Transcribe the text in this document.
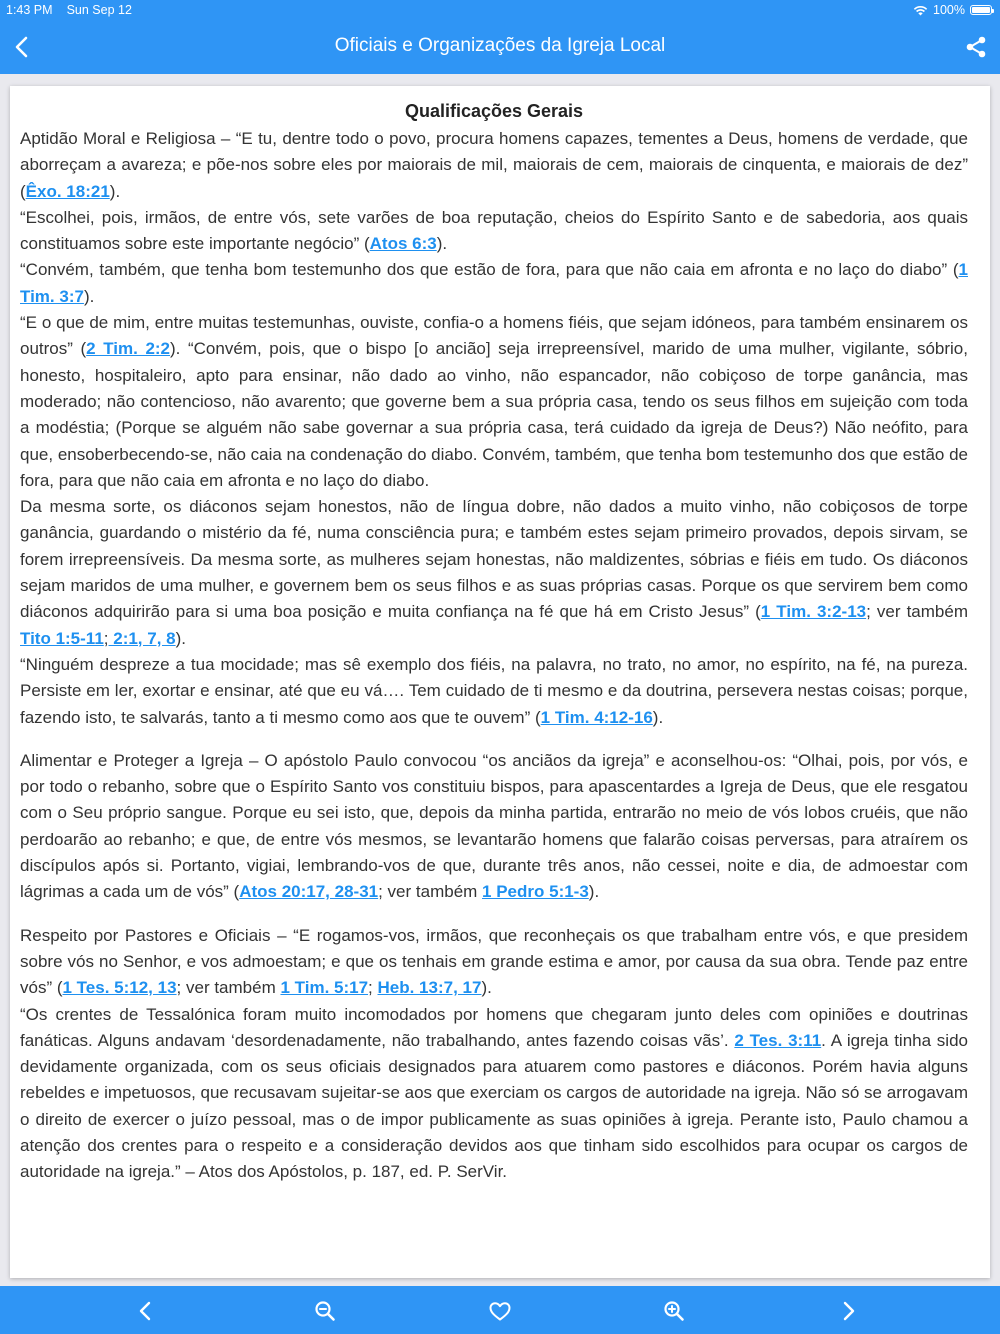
1:43 PM Sun Sep 12	100%
Oficiais e Organizações da Igreja Local
Qualificações Gerais

Aptidão Moral e Religiosa – “E tu, dentre todo o povo, procura homens capazes, tementes a Deus, homens de verdade, que aborreçam a avareza; e põe-nos sobre eles por maiorais de mil, maiorais de cem, maiorais de cinquenta, e maiorais de dez” (Êxo. 18:21).

“Escolhei, pois, irmãos, de entre vós, sete varões de boa reputação, cheios do Espírito Santo e de sabedoria, aos quais constituamos sobre este importante negócio” (Atos 6:3).

“Convém, também, que tenha bom testemunho dos que estão de fora, para que não caia em afronta e no laço do diabo” (1 Tim. 3:7).

“E o que de mim, entre muitas testemunhas, ouviste, confia-o a homens fiéis, que sejam idóneos, para também ensinarem os outros” (2 Tim. 2:2). “Convém, pois, que o bispo [o ancião] seja irrepreensível, marido de uma mulher, vigilante, sóbrio, honesto, hospitaleiro, apto para ensinar, não dado ao vinho, não espancador, não cobiçoso de torpe ganância, mas moderado; não contencioso, não avarento; que governe bem a sua própria casa, tendo os seus filhos em sujeição com toda a modéstia; (Porque se alguém não sabe governar a sua própria casa, terá cuidado da igreja de Deus?) Não neófito, para que, ensoberbecendo-se, não caia na condenação do diabo. Convém, também, que tenha bom testemunho dos que estão de fora, para que não caia em afronta e no laço do diabo.

Da mesma sorte, os diáconos sejam honestos, não de língua dobre, não dados a muito vinho, não cobiçosos de torpe ganância, guardando o mistério da fé, numa consciência pura; e também estes sejam primeiro provados, depois sirvam, se forem irrepreensíveis. Da mesma sorte, as mulheres sejam honestas, não maldizentes, sóbrias e fiéis em tudo. Os diáconos sejam maridos de uma mulher, e governem bem os seus filhos e as suas próprias casas. Porque os que servirem bem como diáconos adquirirão para si uma boa posição e muita confiança na fé que há em Cristo Jesus” (1 Tim. 3:2-13; ver também Tito 1:5-11; 2:1, 7, 8).

“Ninguém despreze a tua mocidade; mas sê exemplo dos fiéis, na palavra, no trato, no amor, no espírito, na fé, na pureza. Persiste em ler, exortar e ensinar, até que eu vá…. Tem cuidado de ti mesmo e da doutrina, persevera nestas coisas; porque, fazendo isto, te salvarás, tanto a ti mesmo como aos que te ouvem” (1 Tim. 4:12-16).

Alimentar e Proteger a Igreja – O apóstolo Paulo convocou “os anciãos da igreja” e aconselhou-os: “Olhai, pois, por vós, e por todo o rebanho, sobre que o Espírito Santo vos constituiu bispos, para apascentardes a Igreja de Deus, que ele resgatou com o Seu próprio sangue. Porque eu sei isto, que, depois da minha partida, entrarão no meio de vós lobos cruéis, que não perdoarão ao rebanho; e que, de entre vós mesmos, se levantarão homens que falarão coisas perversas, para atraírem os discípulos após si. Portanto, vigiai, lembrando-vos de que, durante três anos, não cessei, noite e dia, de admoestar com lágrimas a cada um de vós” (Atos 20:17, 28-31; ver também 1 Pedro 5:1-3).

Respeito por Pastores e Oficiais – “E rogamos-vos, irmãos, que reconheçais os que trabalham entre vós, e que presidem sobre vós no Senhor, e vos admoestam; e que os tenhais em grande estima e amor, por causa da sua obra. Tende paz entre vós” (1 Tes. 5:12, 13; ver também 1 Tim. 5:17; Heb. 13:7, 17).

“Os crentes de Tessalónica foram muito incomodados por homens que chegaram junto deles com opiniões e doutrinas fanáticas. Alguns andavam ‘desordenadamente, não trabalhando, antes fazendo coisas vãs’. 2 Tes. 3:11. A igreja tinha sido devidamente organizada, com os seus oficiais designados para atuarem como pastores e diáconos. Porém havia alguns rebeldes e impetuosos, que recusavam sujeitar-se aos que exerciam os cargos de autoridade na igreja. Não só se arrogavam o direito de exercer o juízo pessoal, mas o de impor publicamente as suas opiniões à igreja. Perante isto, Paulo chamou a atenção dos crentes para o respeito e a consideração devidos aos que tinham sido escolhidos para ocupar os cargos de autoridade na igreja.” – Atos dos Apóstolos, p. 187, ed. P. SerVir.
